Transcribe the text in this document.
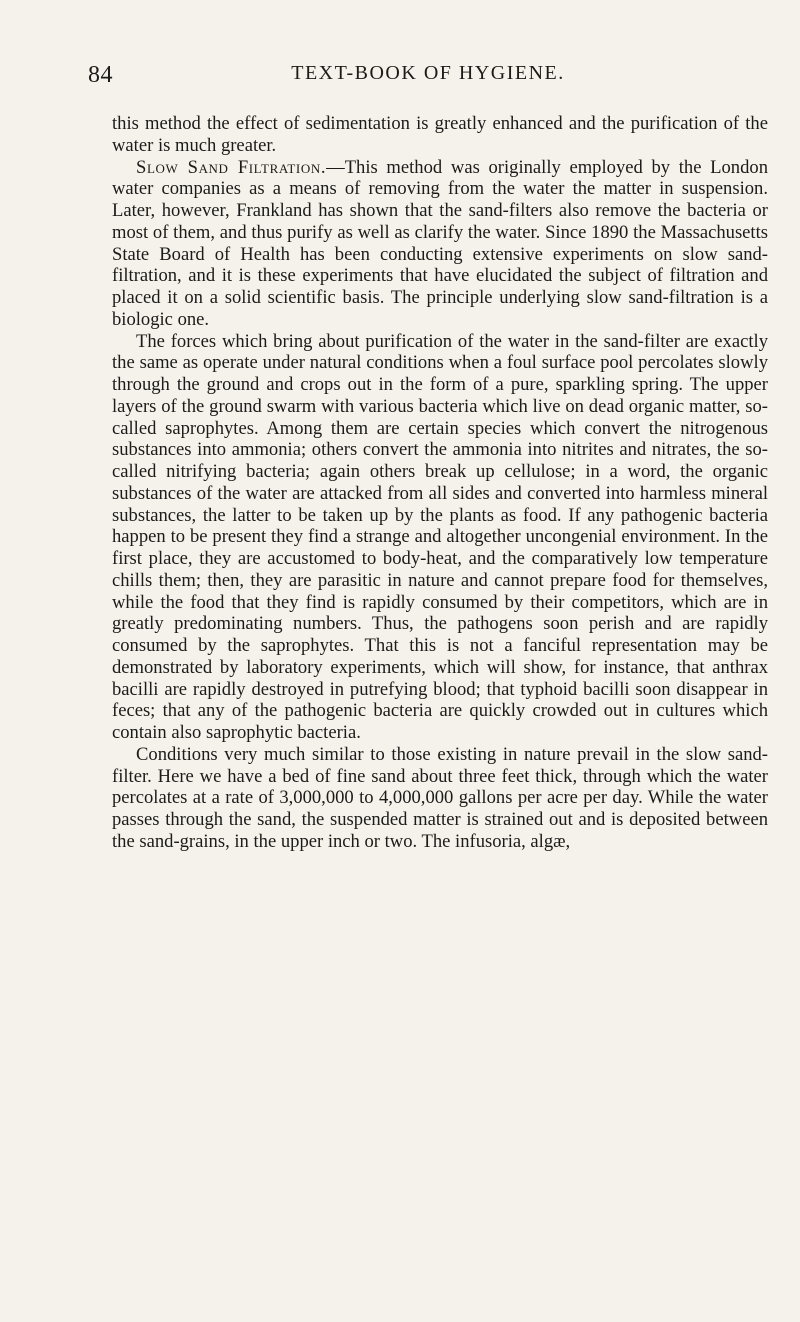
84	TEXT-BOOK OF HYGIENE.

this method the effect of sedimentation is greatly enhanced and the purification of the water is much greater.

Slow Sand Filtration.—This method was originally employed by the London water companies as a means of removing from the water the matter in suspension. Later, however, Frankland has shown that the sand-filters also remove the bacteria or most of them, and thus purify as well as clarify the water. Since 1890 the Massachusetts State Board of Health has been conducting extensive experiments on slow sand-filtration, and it is these experiments that have elucidated the subject of filtration and placed it on a solid scientific basis. The principle underlying slow sand-filtration is a biologic one.

The forces which bring about purification of the water in the sand-filter are exactly the same as operate under natural conditions when a foul surface pool percolates slowly through the ground and crops out in the form of a pure, sparkling spring. The upper layers of the ground swarm with various bacteria which live on dead organic matter, so-called saprophytes. Among them are certain species which convert the nitrogenous substances into ammonia; others convert the ammonia into nitrites and nitrates, the so-called nitrifying bacteria; again others break up cellulose; in a word, the organic substances of the water are attacked from all sides and converted into harmless mineral substances, the latter to be taken up by the plants as food. If any pathogenic bacteria happen to be present they find a strange and altogether uncongenial environment. In the first place, they are accustomed to body-heat, and the comparatively low temperature chills them; then, they are parasitic in nature and cannot prepare food for themselves, while the food that they find is rapidly consumed by their competitors, which are in greatly predominating numbers. Thus, the pathogens soon perish and are rapidly consumed by the saprophytes. That this is not a fanciful representation may be demonstrated by laboratory experiments, which will show, for instance, that anthrax bacilli are rapidly destroyed in putrefying blood; that typhoid bacilli soon disappear in feces; that any of the pathogenic bacteria are quickly crowded out in cultures which contain also saprophytic bacteria.

Conditions very much similar to those existing in nature prevail in the slow sand-filter. Here we have a bed of fine sand about three feet thick, through which the water percolates at a rate of 3,000,000 to 4,000,000 gallons per acre per day. While the water passes through the sand, the suspended matter is strained out and is deposited between the sand-grains, in the upper inch or two. The infusoria, algæ,
